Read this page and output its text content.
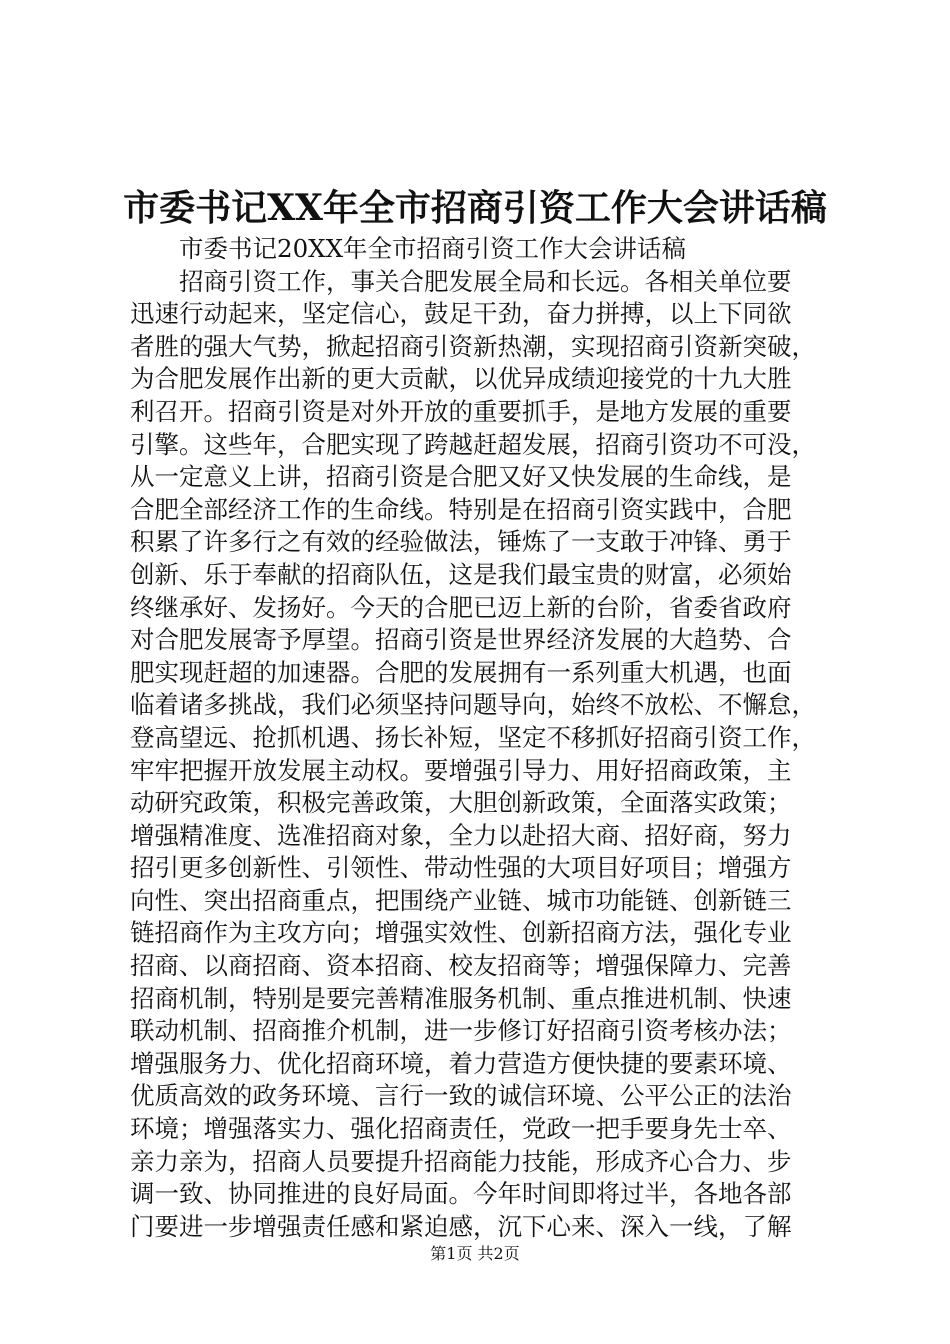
市委书记XX年全市招商引资工作大会讲话稿
市委书记20XX年全市招商引资工作大会讲话稿
招商引资工作，事关合肥发展全局和长远。各相关单位要
迅速行动起来，坚定信心，鼓足干劲，奋力拼搏，以上下同欲
者胜的强大气势，掀起招商引资新热潮，实现招商引资新突破，
为合肥发展作出新的更大贡献，以优异成绩迎接党的十九大胜
利召开。招商引资是对外开放的重要抓手，是地方发展的重要
引擎。这些年，合肥实现了跨越赶超发展，招商引资功不可没，
从一定意义上讲，招商引资是合肥又好又快发展的生命线，是
合肥全部经济工作的生命线。特别是在招商引资实践中，合肥
积累了许多行之有效的经验做法，锤炼了一支敢于冲锋、勇于
创新、乐于奉献的招商队伍，这是我们最宝贵的财富，必须始
终继承好、发扬好。今天的合肥已迈上新的台阶，省委省政府
对合肥发展寄予厚望。招商引资是世界经济发展的大趋势、合
肥实现赶超的加速器。合肥的发展拥有一系列重大机遇，也面
临着诸多挑战，我们必须坚持问题导向，始终不放松、不懈怠，
登高望远、抢抓机遇、扬长补短，坚定不移抓好招商引资工作，
牢牢把握开放发展主动权。要增强引导力、用好招商政策，主
动研究政策，积极完善政策，大胆创新政策，全面落实政策；
增强精准度、选准招商对象，全力以赴招大商、招好商，努力
招引更多创新性、引领性、带动性强的大项目好项目；增强方
向性、突出招商重点，把围绕产业链、城市功能链、创新链三
链招商作为主攻方向；增强实效性、创新招商方法，强化专业
招商、以商招商、资本招商、校友招商等；增强保障力、完善
招商机制，特别是要完善精准服务机制、重点推进机制、快速
联动机制、招商推介机制，进一步修订好招商引资考核办法；
增强服务力、优化招商环境，着力营造方便快捷的要素环境、
优质高效的政务环境、言行一致的诚信环境、公平公正的法治
环境；增强落实力、强化招商责任，党政一把手要身先士卒、
亲力亲为，招商人员要提升招商能力技能，形成齐心合力、步
调一致、协同推进的良好局面。今年时间即将过半，各地各部
门要进一步增强责任感和紧迫感，沉下心来、深入一线，了解
第1页 共2页
